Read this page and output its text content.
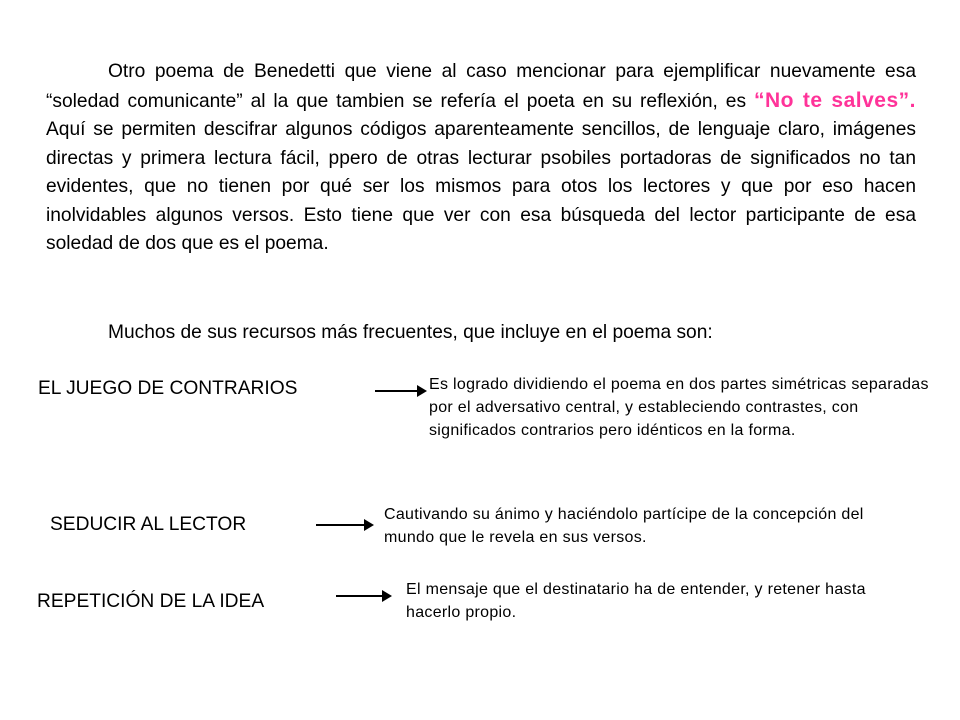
Otro poema de Benedetti que viene al caso mencionar para ejemplificar nuevamente esa “soledad comunicante” al la que tambien se refería el poeta en su reflexión, es “No te salves”. Aquí se permiten descifrar algunos códigos aparenteamente sencillos, de lenguaje claro, imágenes directas y primera lectura fácil, ppero de otras lecturar psobiles portadoras de significados no tan evidentes, que no tienen por qué ser los mismos para otos los lectores y que por eso hacen inolvidables algunos versos. Esto tiene que ver con esa búsqueda del lector participante de esa soledad de dos que es el poema.
Muchos de sus recursos más frecuentes, que incluye en el poema son:
EL JUEGO DE CONTRARIOS	Es logrado dividiendo el poema en dos partes simétricas separadas por el adversativo central, y estableciendo contrastes, con significados contrarios pero idénticos en la forma.
SEDUCIR AL LECTOR	Cautivando su ánimo y haciéndolo partícipe de la concepción del mundo que le revela en sus versos.
REPETICIÓN DE LA IDEA
El mensaje que el destinatario ha de entender, y retener hasta hacerlo propio.
